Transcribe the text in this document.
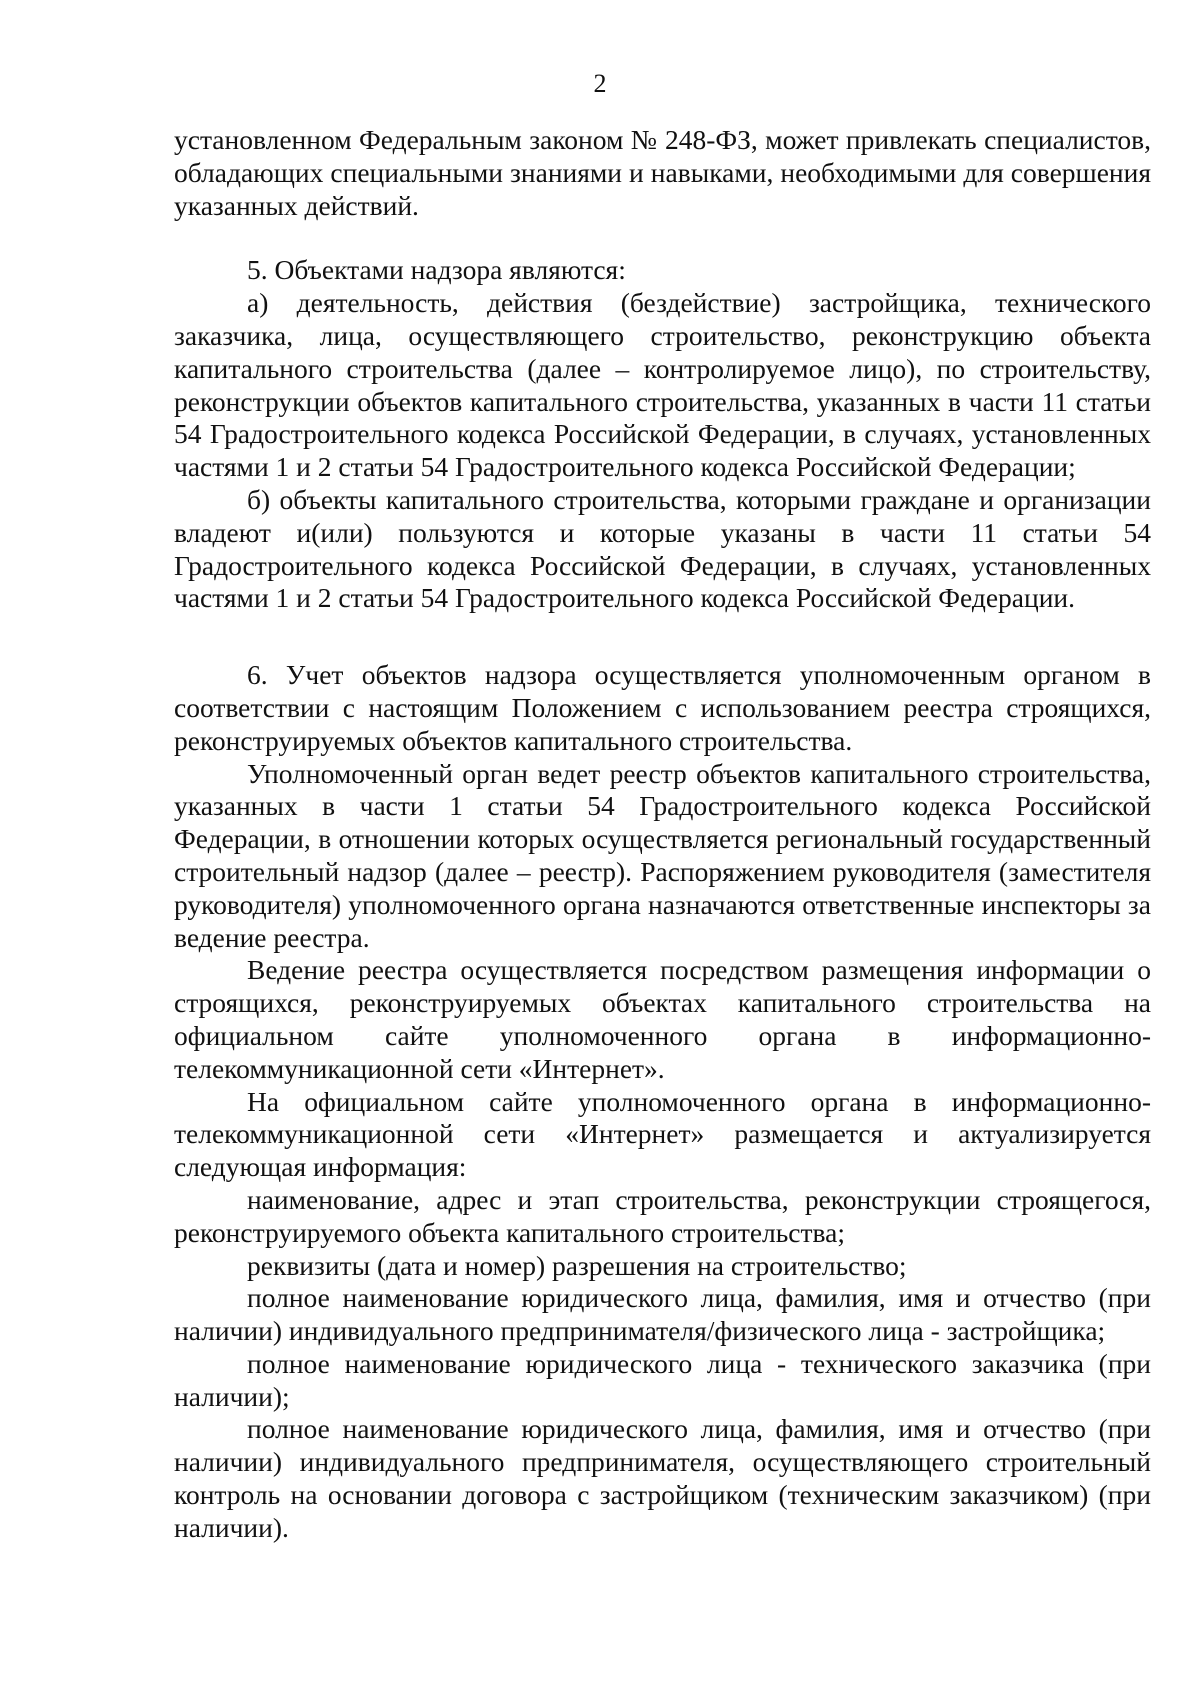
2

установленном Федеральным законом № 248-ФЗ, может привлекать специалистов, обладающих специальными знаниями и навыками, необходимыми для совершения указанных действий.

5. Объектами надзора являются:

а) деятельность, действия (бездействие) застройщика, технического заказчика, лица, осуществляющего строительство, реконструкцию объекта капитального строительства (далее – контролируемое лицо), по строительству, реконструкции объектов капитального строительства, указанных в части 11 статьи 54 Градостроительного кодекса Российской Федерации, в случаях, установленных частями 1 и 2 статьи 54 Градостроительного кодекса Российской Федерации;

б) объекты капитального строительства, которыми граждане и организации владеют и(или) пользуются и которые указаны в части 11 статьи 54 Градостроительного кодекса Российской Федерации, в случаях, установленных частями 1 и 2 статьи 54 Градостроительного кодекса Российской Федерации.

6. Учет объектов надзора осуществляется уполномоченным органом в соответствии с настоящим Положением с использованием реестра строящихся, реконструируемых объектов капитального строительства.

Уполномоченный орган ведет реестр объектов капитального строительства, указанных в части 1 статьи 54 Градостроительного кодекса Российской Федерации, в отношении которых осуществляется региональный государственный строительный надзор (далее – реестр). Распоряжением руководителя (заместителя руководителя) уполномоченного органа назначаются ответственные инспекторы за ведение реестра.

Ведение реестра осуществляется посредством размещения информации о строящихся, реконструируемых объектах капитального строительства на официальном сайте уполномоченного органа в информационно-телекоммуникационной сети «Интернет».

На официальном сайте уполномоченного органа в информационно-телекоммуникационной сети «Интернет» размещается и актуализируется следующая информация:

наименование, адрес и этап строительства, реконструкции строящегося, реконструируемого объекта капитального строительства;

реквизиты (дата и номер) разрешения на строительство;

полное наименование юридического лица, фамилия, имя и отчество (при наличии) индивидуального предпринимателя/физического лица - застройщика;

полное наименование юридического лица - технического заказчика (при наличии);

полное наименование юридического лица, фамилия, имя и отчество (при наличии) индивидуального предпринимателя, осуществляющего строительный контроль на основании договора с застройщиком (техническим заказчиком) (при наличии).
